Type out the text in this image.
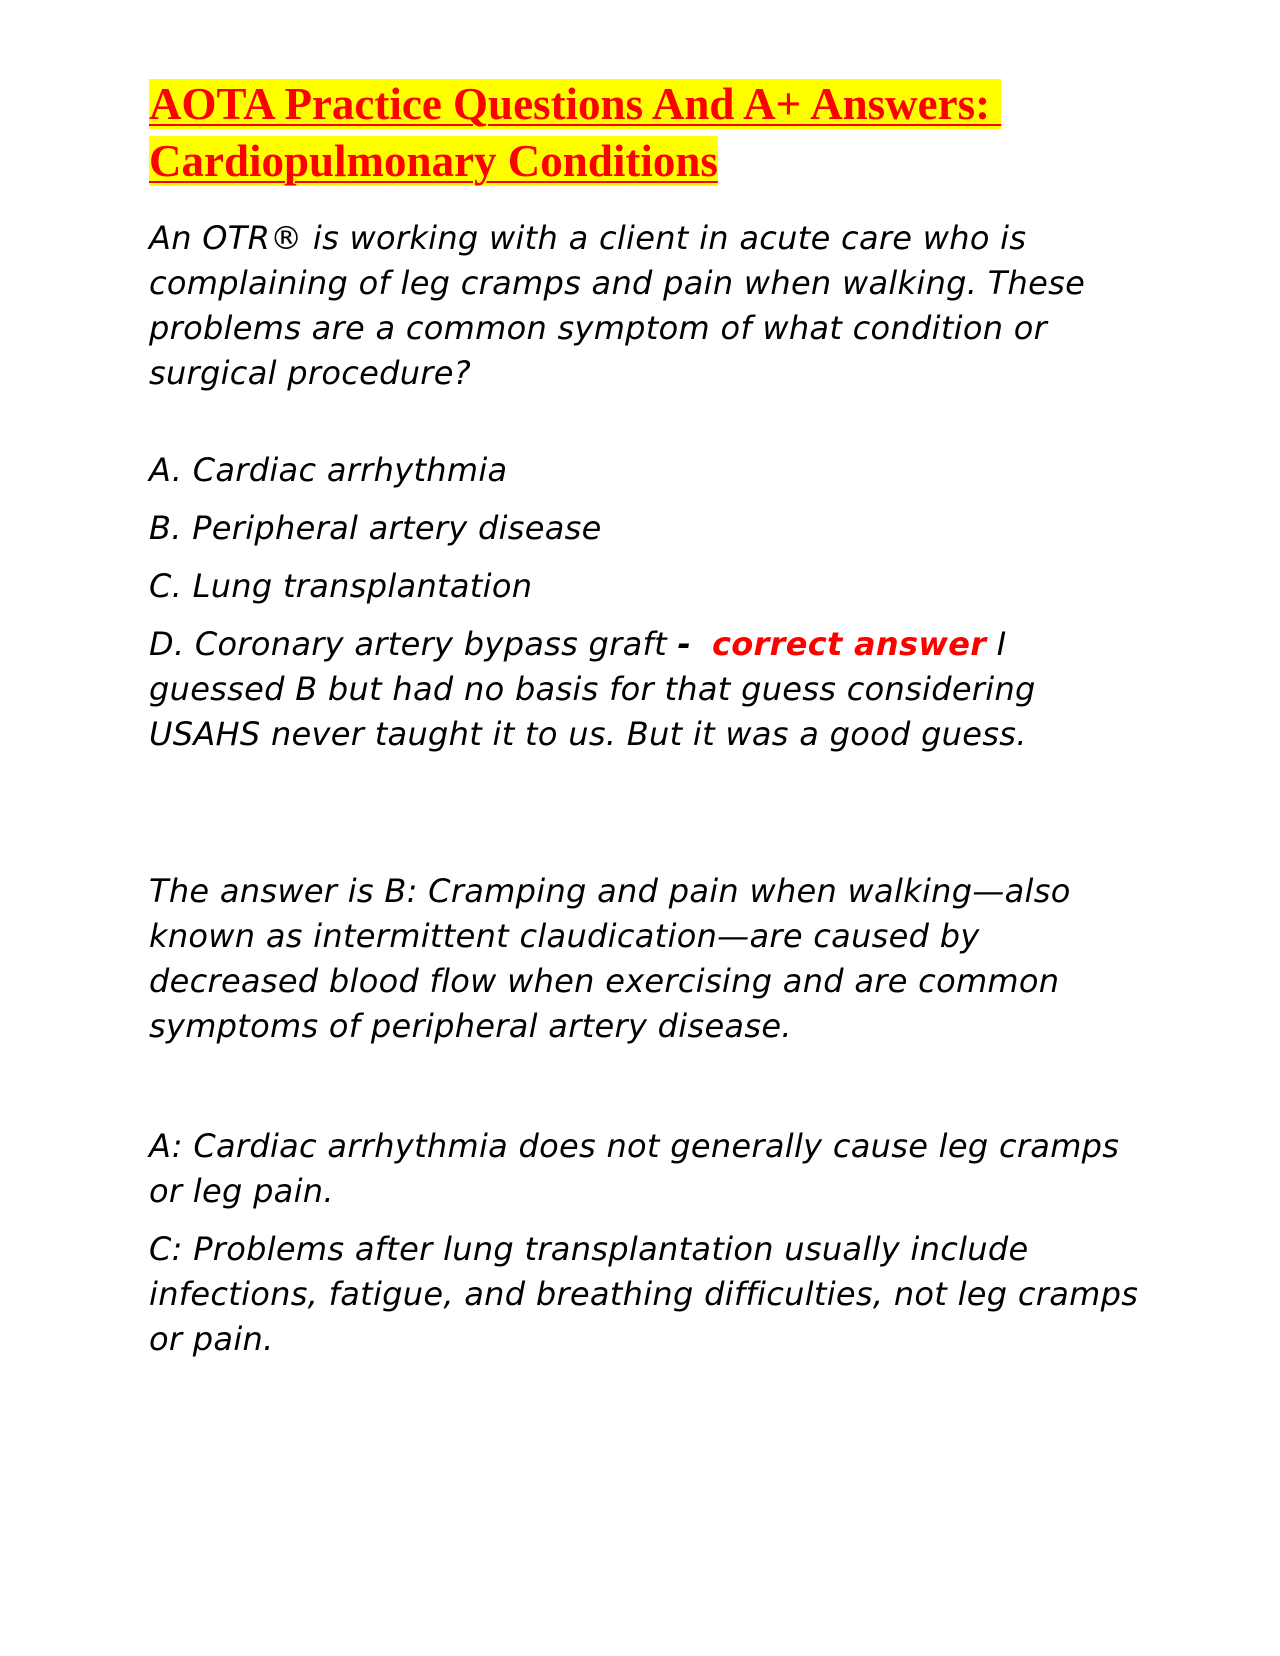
AOTA Practice Questions And A+ Answers:
Cardiopulmonary Conditions

An OTR® is working with a client in acute care who is complaining of leg cramps and pain when walking. These problems are a common symptom of what condition or surgical procedure?

A. Cardiac arrhythmia

B. Peripheral artery disease

C. Lung transplantation

D. Coronary artery bypass graft - correct answer I guessed B but had no basis for that guess considering USAHS never taught it to us. But it was a good guess.

The answer is B: Cramping and pain when walking—also known as intermittent claudication—are caused by decreased blood flow when exercising and are common symptoms of peripheral artery disease.

A: Cardiac arrhythmia does not generally cause leg cramps or leg pain.

C: Problems after lung transplantation usually include infections, fatigue, and breathing difficulties, not leg cramps or pain.
